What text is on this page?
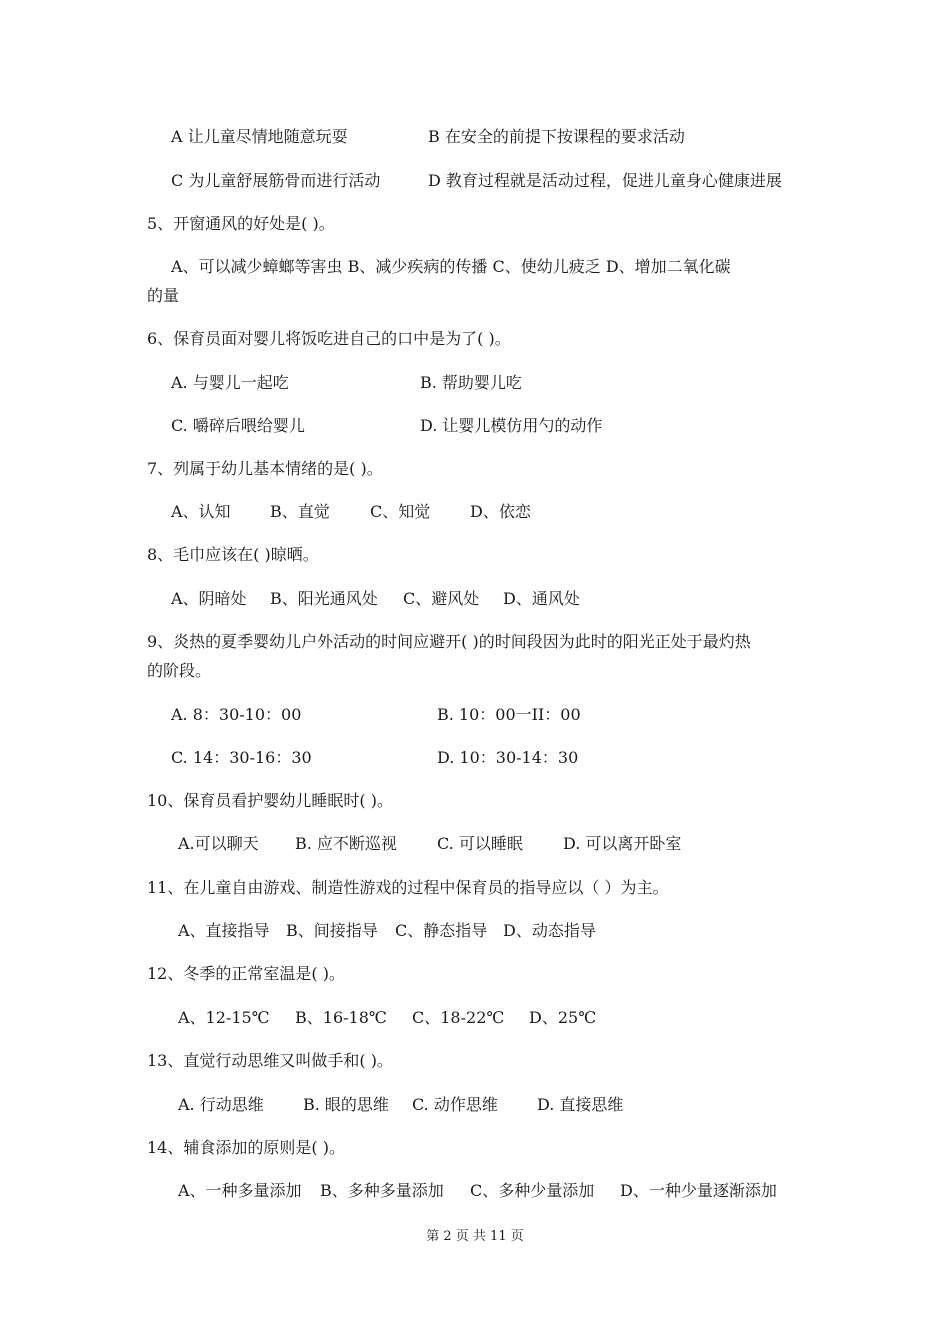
A 让儿童尽情地随意玩耍	B 在安全的前提下按课程的要求活动
C 为儿童舒展筋骨而进行活动	D 教育过程就是活动过程，促进儿童身心健康进展
5、开窗通风的好处是( )。
A、可以减少蟑螂等害虫 B、减少疾病的传播 C、使幼儿疲乏 D、增加二氧化碳
的量
6、保育员面对婴儿将饭吃进自己的口中是为了( )。
A. 与婴儿一起吃	B. 帮助婴儿吃
C. 嚼碎后喂给婴儿	D. 让婴儿模仿用勺的动作
7、列属于幼儿基本情绪的是( )。
A、认知 B、直觉	C、知觉 D、依恋
8、毛巾应该在( )晾晒。
A、阴暗处 B、阳光通风处 C、避风处 D、通风处
9、炎热的夏季婴幼儿户外活动的时间应避开( )的时间段因为此时的阳光正处于最灼热
的阶段。
A. 8：30-10：00	B. 10：00一II：00
C. 14：30-16：30	D. 10：30-14：30
10、保育员看护婴幼儿睡眠时( )。
A.可以聊天 B. 应不断巡视	C. 可以睡眠	D. 可以离开卧室
11、在儿童自由游戏、制造性游戏的过程中保育员的指导应以（ ）为主。
A、直接指导 B、间接指导 C、静态指导 D、动态指导
12、冬季的正常室温是( )。
A、12-15℃ B、16-18℃ C、18-22℃ D、25℃
13、直觉行动思维又叫做手和( )。
A. 行动思维 B. 眼的思维 C. 动作思维 D. 直接思维
14、辅食添加的原则是( )。
A、一种多量添加 B、多种多量添加 C、多种少量添加 D、一种少量逐渐添加
第 2 页 共 11 页
